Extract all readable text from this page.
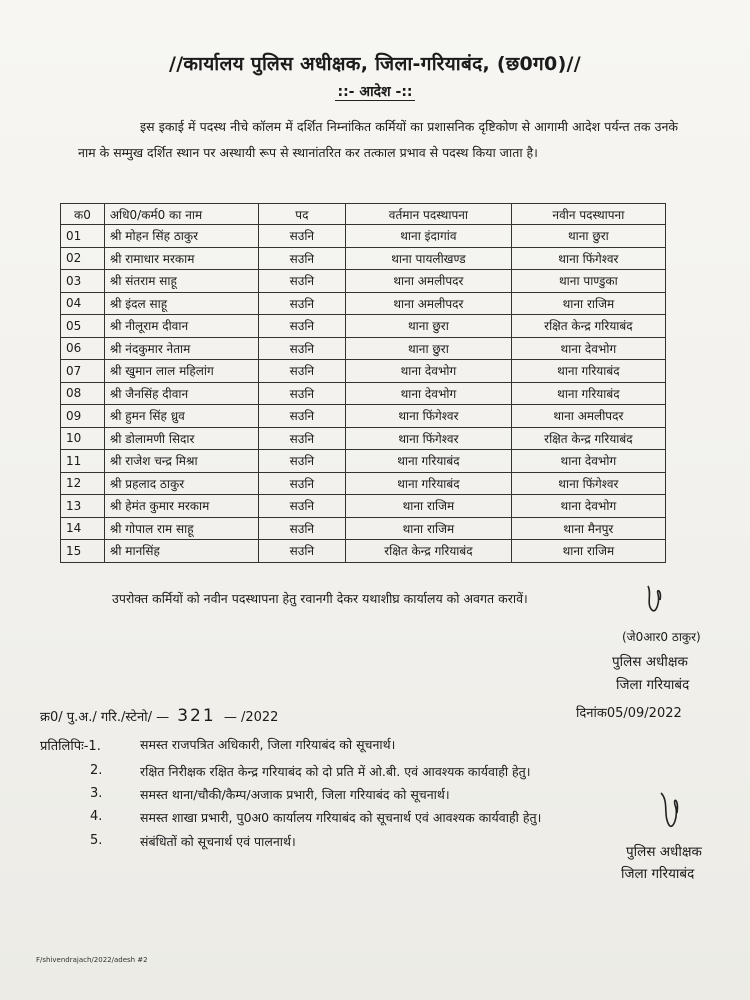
//कार्यालय पुलिस अधीक्षक, जिला-गरियाबंद, (छ0ग0)//
::- आदेश -::
इस इकाई में पदस्थ नीचे कॉलम में दर्शित निम्नांकित कर्मियों का प्रशासनिक दृष्टिकोण से आगामी आदेश पर्यन्त तक उनके नाम के सम्मुख दर्शित स्थान पर अस्थायी रूप से स्थानांतरित कर तत्काल प्रभाव से पदस्थ किया जाता है।
क0	अधि0/कर्म0 का नाम	पद	वर्तमान पदस्थापना	नवीन पदस्थापना
01	श्री मोहन सिंह ठाकुर	सउनि	थाना इंदागांव	थाना छुरा
02	श्री रामाधार मरकाम	सउनि	थाना पायलीखण्ड	थाना फिंगेश्वर
03	श्री संतराम साहू	सउनि	थाना अमलीपदर	थाना पाण्डुका
04	श्री इंदल साहू	सउनि	थाना अमलीपदर	थाना राजिम
05	श्री नीलूराम दीवान	सउनि	थाना छुरा	रक्षित केन्द्र गरियाबंद
06	श्री नंदकुमार नेताम	सउनि	थाना छुरा	थाना देवभोग
07	श्री खुमान लाल महिलांग	सउनि	थाना देवभोग	थाना गरियाबंद
08	श्री जैनसिंह दीवान	सउनि	थाना देवभोग	थाना गरियाबंद
09	श्री हुमन सिंह ध्रुव	सउनि	थाना फिंगेश्वर	थाना अमलीपदर
10	श्री डोलामणी सिदार	सउनि	थाना फिंगेश्वर	रक्षित केन्द्र गरियाबंद
11	श्री राजेश चन्द्र मिश्रा	सउनि	थाना गरियाबंद	थाना देवभोग
12	श्री प्रहलाद ठाकुर	सउनि	थाना गरियाबंद	थाना फिंगेश्वर
13	श्री हेमंत कुमार मरकाम	सउनि	थाना राजिम	थाना देवभोग
14	श्री गोपाल राम साहू	सउनि	थाना राजिम	थाना मैनपुर
15	श्री मानसिंह	सउनि	रक्षित केन्द्र गरियाबंद	थाना राजिम
उपरोक्त कर्मियों को नवीन पदस्थापना हेतु रवानगी देकर यथाशीघ्र कार्यालय को अवगत करावें।
(जे0आर0 ठाकुर)
पुलिस अधीक्षक
जिला गरियाबंद
क्र0/ पु.अ./ गरि./स्टेनो/ — 321 — /2022	दिनांक05/09/2022
प्रतिलिपिः-1.	समस्त राजपत्रित अधिकारी, जिला गरियाबंद को सूचनार्थ।
2.	रक्षित निरीक्षक रक्षित केन्द्र गरियाबंद को दो प्रति में ओ.बी. एवं आवश्यक कार्यवाही हेतु।
3.	समस्त थाना/चौकी/कैम्प/अजाक प्रभारी, जिला गरियाबंद को सूचनार्थ।
4.	समस्त शाखा प्रभारी, पु0अ0 कार्यालय गरियाबंद को सूचनार्थ एवं आवश्यक कार्यवाही हेतु।
5.	संबंधितों को सूचनार्थ एवं पालनार्थ।
पुलिस अधीक्षक
जिला गरियाबंद
F/shivendrajach/2022/adesh #2
